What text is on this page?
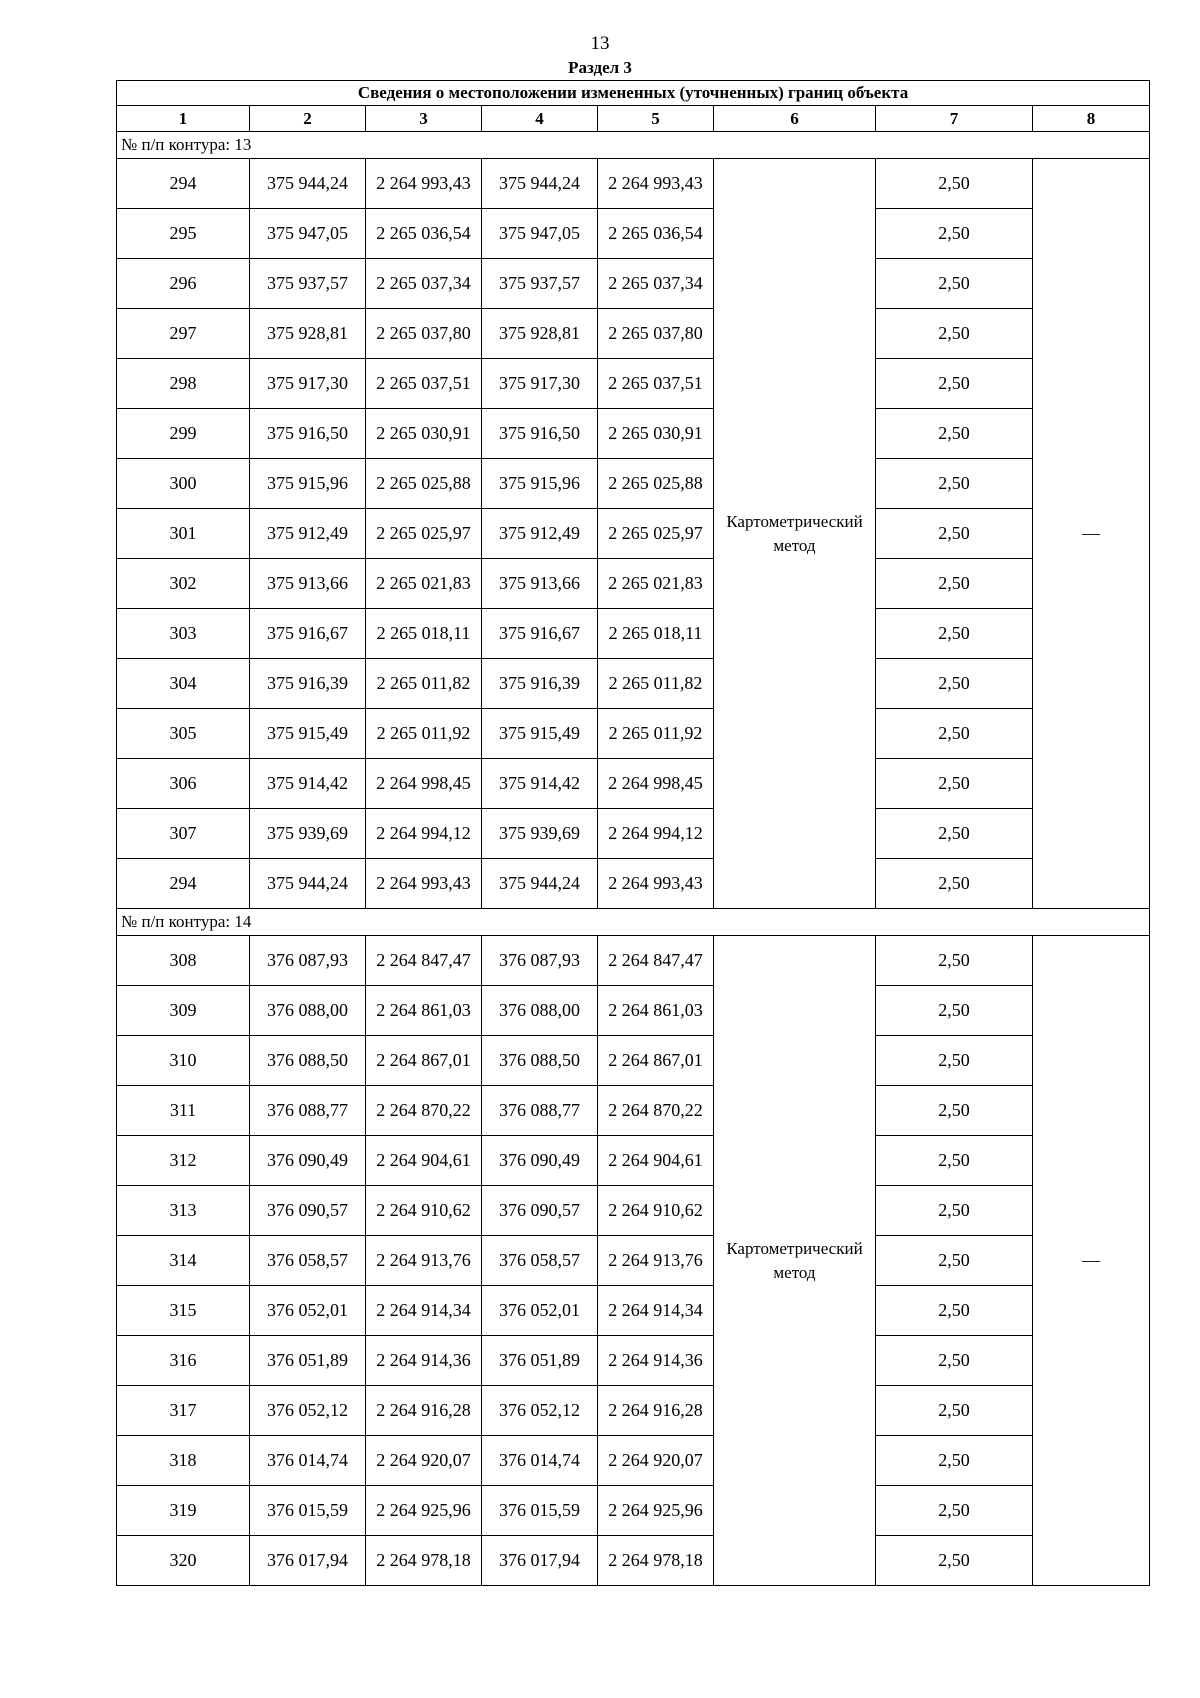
13
Раздел 3
Сведения о местоположении измененных (уточненных) границ объекта							
1	2	3	4	5	6	7	8
№ п/п контура: 13							
294	375 944,24	2 264 993,43	375 944,24	2 264 993,43	Картометрический метод	2,50	—
295	375 947,05	2 265 036,54	375 947,05	2 265 036,54		2,50	
296	375 937,57	2 265 037,34	375 937,57	2 265 037,34		2,50	
297	375 928,81	2 265 037,80	375 928,81	2 265 037,80		2,50	
298	375 917,30	2 265 037,51	375 917,30	2 265 037,51		2,50	
299	375 916,50	2 265 030,91	375 916,50	2 265 030,91		2,50	
300	375 915,96	2 265 025,88	375 915,96	2 265 025,88		2,50	
301	375 912,49	2 265 025,97	375 912,49	2 265 025,97		2,50	
302	375 913,66	2 265 021,83	375 913,66	2 265 021,83		2,50	
303	375 916,67	2 265 018,11	375 916,67	2 265 018,11		2,50	
304	375 916,39	2 265 011,82	375 916,39	2 265 011,82		2,50	
305	375 915,49	2 265 011,92	375 915,49	2 265 011,92		2,50	
306	375 914,42	2 264 998,45	375 914,42	2 264 998,45		2,50	
307	375 939,69	2 264 994,12	375 939,69	2 264 994,12		2,50	
294	375 944,24	2 264 993,43	375 944,24	2 264 993,43		2,50	
№ п/п контура: 14							
308	376 087,93	2 264 847,47	376 087,93	2 264 847,47	Картометрический метод	2,50	—
309	376 088,00	2 264 861,03	376 088,00	2 264 861,03		2,50	
310	376 088,50	2 264 867,01	376 088,50	2 264 867,01		2,50	
311	376 088,77	2 264 870,22	376 088,77	2 264 870,22		2,50	
312	376 090,49	2 264 904,61	376 090,49	2 264 904,61		2,50	
313	376 090,57	2 264 910,62	376 090,57	2 264 910,62		2,50	
314	376 058,57	2 264 913,76	376 058,57	2 264 913,76		2,50	
315	376 052,01	2 264 914,34	376 052,01	2 264 914,34		2,50	
316	376 051,89	2 264 914,36	376 051,89	2 264 914,36		2,50	
317	376 052,12	2 264 916,28	376 052,12	2 264 916,28		2,50	
318	376 014,74	2 264 920,07	376 014,74	2 264 920,07		2,50	
319	376 015,59	2 264 925,96	376 015,59	2 264 925,96		2,50	
320	376 017,94	2 264 978,18	376 017,94	2 264 978,18		2,50	
